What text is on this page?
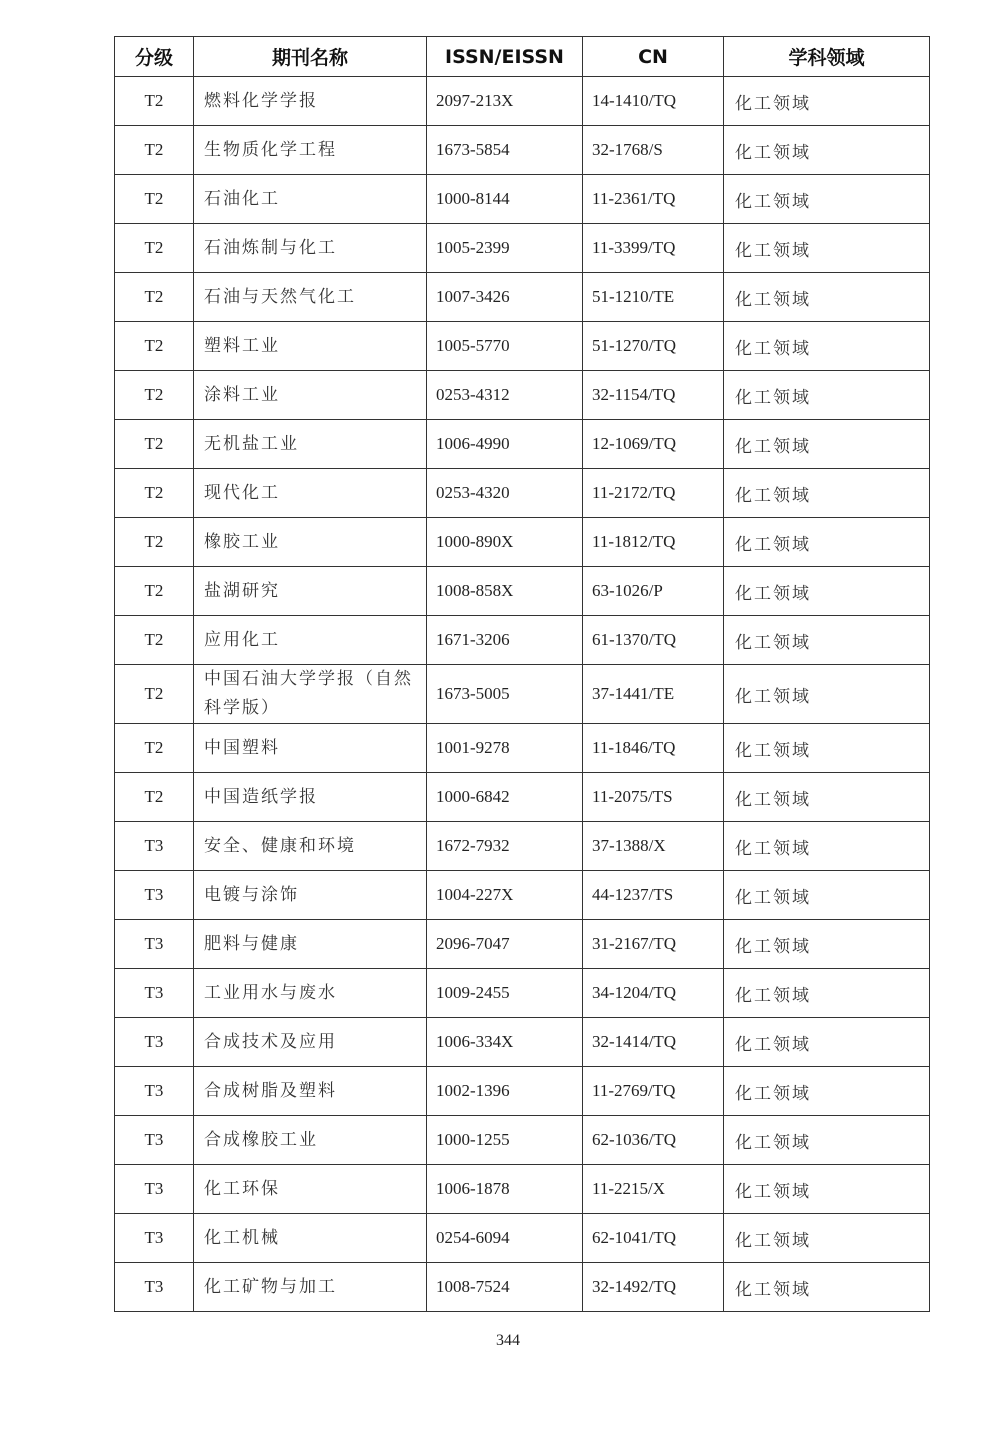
分级	期刊名称	ISSN/EISSN	CN	学科领域
T2	燃料化学学报	2097-213X	14-1410/TQ	化工领域
T2	生物质化学工程	1673-5854	32-1768/S	化工领域
T2	石油化工	1000-8144	11-2361/TQ	化工领域
T2	石油炼制与化工	1005-2399	11-3399/TQ	化工领域
T2	石油与天然气化工	1007-3426	51-1210/TE	化工领域
T2	塑料工业	1005-5770	51-1270/TQ	化工领域
T2	涂料工业	0253-4312	32-1154/TQ	化工领域
T2	无机盐工业	1006-4990	12-1069/TQ	化工领域
T2	现代化工	0253-4320	11-2172/TQ	化工领域
T2	橡胶工业	1000-890X	11-1812/TQ	化工领域
T2	盐湖研究	1008-858X	63-1026/P	化工领域
T2	应用化工	1671-3206	61-1370/TQ	化工领域
T2	中国石油大学学报（自然科学版）	1673-5005	37-1441/TE	化工领域
T2	中国塑料	1001-9278	11-1846/TQ	化工领域
T2	中国造纸学报	1000-6842	11-2075/TS	化工领域
T3	安全、健康和环境	1672-7932	37-1388/X	化工领域
T3	电镀与涂饰	1004-227X	44-1237/TS	化工领域
T3	肥料与健康	2096-7047	31-2167/TQ	化工领域
T3	工业用水与废水	1009-2455	34-1204/TQ	化工领域
T3	合成技术及应用	1006-334X	32-1414/TQ	化工领域
T3	合成树脂及塑料	1002-1396	11-2769/TQ	化工领域
T3	合成橡胶工业	1000-1255	62-1036/TQ	化工领域
T3	化工环保	1006-1878	11-2215/X	化工领域
T3	化工机械	0254-6094	62-1041/TQ	化工领域
T3	化工矿物与加工	1008-7524	32-1492/TQ	化工领域
344
